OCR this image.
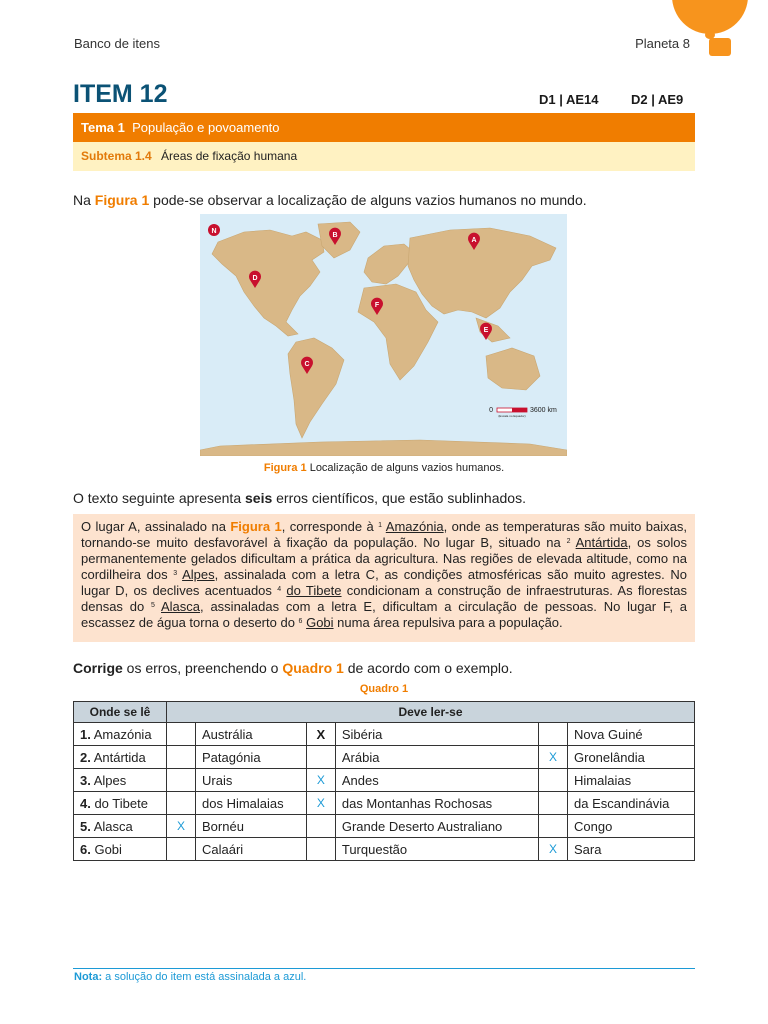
Banco de itens	Planeta 8
ITEM 12	D1 | AE14 D2 | AE9
Tema 1 População e povoamento
Subtema 1.4 Áreas de fixação humana
Na Figura 1 pode-se observar a localização de alguns vazios humanos no mundo.
N
A
B
C
D
E
F
0	3600 km
(Escala no Equador)
Figura 1 Localização de alguns vazios humanos.
O texto seguinte apresenta seis erros científicos, que estão sublinhados.
O lugar A, assinalado na Figura 1, corresponde à $^1$ Amazónia, onde as temperaturas são muito baixas, tornando-se muito desfavorável à fixação da população. No lugar B, situado na $^2$ Antártida, os solos permanentemente gelados dificultam a prática da agricultura. Nas regiões de elevada altitude, como na cordilheira dos $^3$ Alpes, assinalada com a letra C, as condições atmosféricas são muito agrestes. No lugar D, os declives acentuados $^4$ do Tibete condicionam a construção de infraestruturas. As florestas densas do $^5$ Alasca, assinaladas com a letra E, dificultam a circulação de pessoas. No lugar F, a escassez de água torna o deserto do $^6$ Gobi numa área repulsiva para a população.
Corrige os erros, preenchendo o Quadro 1 de acordo com o exemplo.
Quadro 1
Onde se lê	Deve ler-se					
1. Amazónia		Austrália	X	Sibéria		Nova Guiné
2. Antártida		Patagónia		Arábia	X	Gronelândia
3. Alpes		Urais	X	Andes		Himalaias
4. do Tibete		dos Himalaias	X	das Montanhas Rochosas		da Escandinávia
5. Alasca	X	Bornéu		Grande Deserto Australiano		Congo
6. Gobi		Calaári		Turquestão	X	Sara
Nota: a solução do item está assinalada a azul.
